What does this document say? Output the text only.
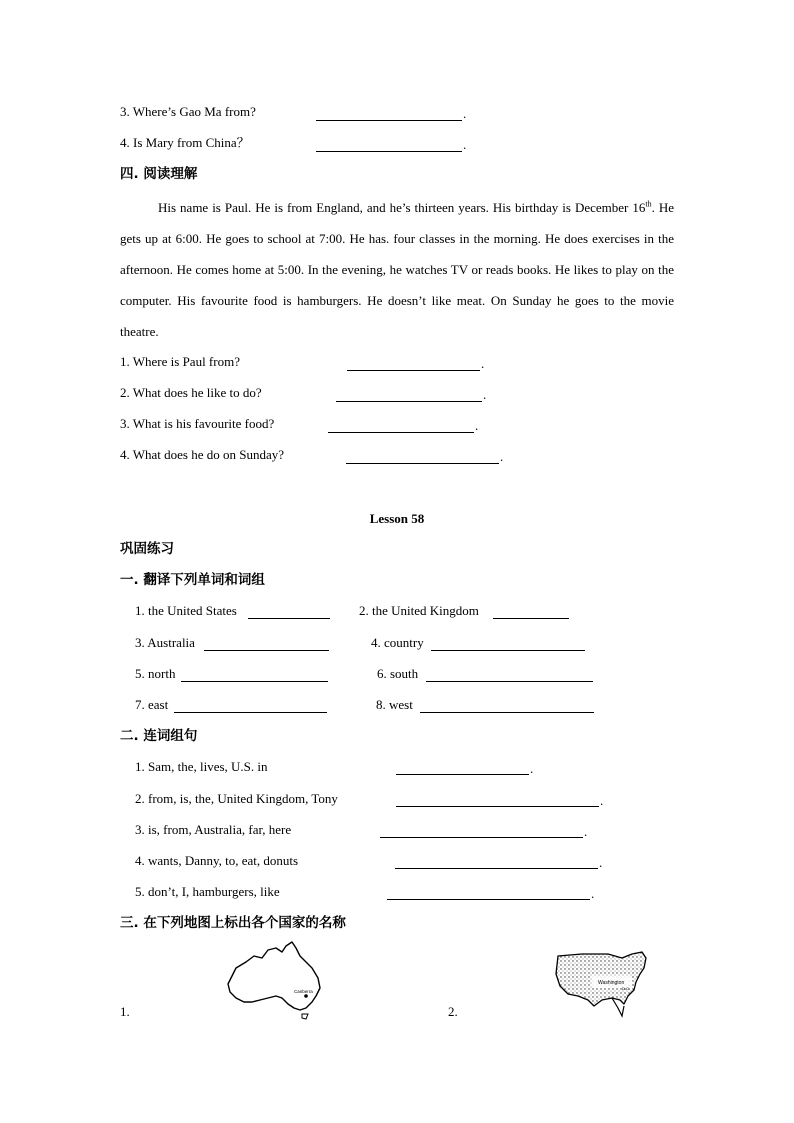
3. Where’s Gao Ma from?	.
4. Is Mary from China？	.
四. 阅读理解
His name is Paul. He is from England, and he’s thirteen years. His birthday is December 16th. He gets up at 6:00. He goes to school at 7:00. He has. four classes in the morning. He does exercises in the afternoon. He comes home at 5:00. In the evening, he watches TV or reads books. He likes to play on the computer. His favourite food is hamburgers. He doesn’t like meat. On Sunday he goes to the movie theatre.
1. Where is Paul from?	.
2. What does he like to do?	.
3. What is his favourite food?	.
4. What does he do on Sunday?	.
Lesson 58
巩固练习
一. 翻译下列单词和词组
1. the United States	2. the United Kingdom
3. Australia	4. country
5. north	6. south
7. east	8. west
二. 连词组句
1. Sam, the, lives, U.S. in	.
2. from, is, the, United Kingdom, Tony	.
3. is, from, Australia, far, here	.
4. wants, Danny, to, eat, donuts	.
5. don’t, I, hamburgers, like	.
三. 在下列地图上标出各个国家的名称
1.	2.
Canberra
Washington
D.C.
